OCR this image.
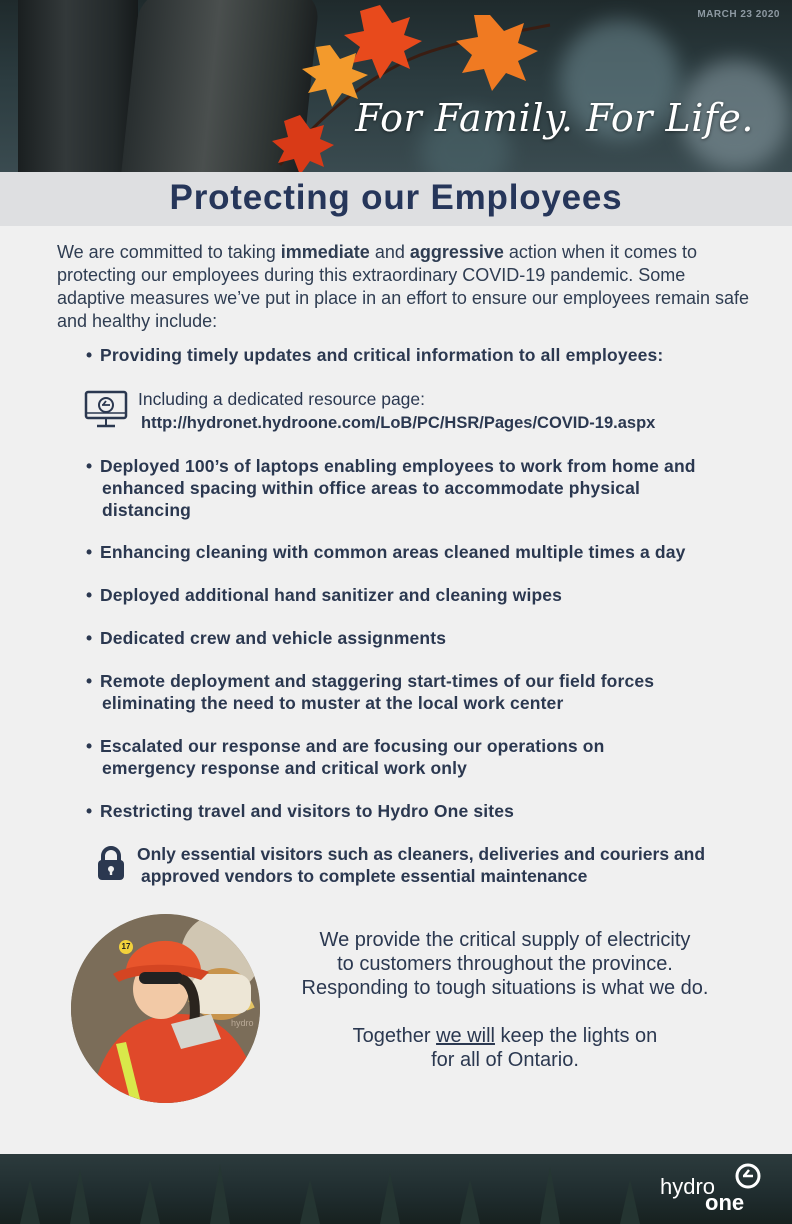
MARCH 23 2020
For Family. For Life.
Protecting our Employees
We are committed to taking immediate and aggressive action when it comes to protecting our employees during this extraordinary COVID-19 pandemic. Some adaptive measures we’ve put in place in an effort to ensure our employees remain safe and healthy include:
• Providing timely updates and critical information to all employees:
Including a dedicated resource page:
http://hydronet.hydroone.com/LoB/PC/HSR/Pages/COVID-19.aspx
• Deployed 100’s of laptops enabling employees to work from home and
enhanced spacing within office areas to accommodate physical
distancing
• Enhancing cleaning with common areas cleaned multiple times a day
• Deployed additional hand sanitizer and cleaning wipes
• Dedicated crew and vehicle assignments
• Remote deployment and staggering start-times of our field forces
eliminating the need to muster at the local work center
• Escalated our response and are focusing our operations on
emergency response and critical work only
• Restricting travel and visitors to Hydro One sites
Only essential visitors such as cleaners, deliveries and couriers and
approved vendors to complete essential maintenance
17
hydro
We provide the critical supply of electricity
to customers throughout the province.
Responding to tough situations is what we do.
Together we will keep the lights on
for all of Ontario.
hydro
one
